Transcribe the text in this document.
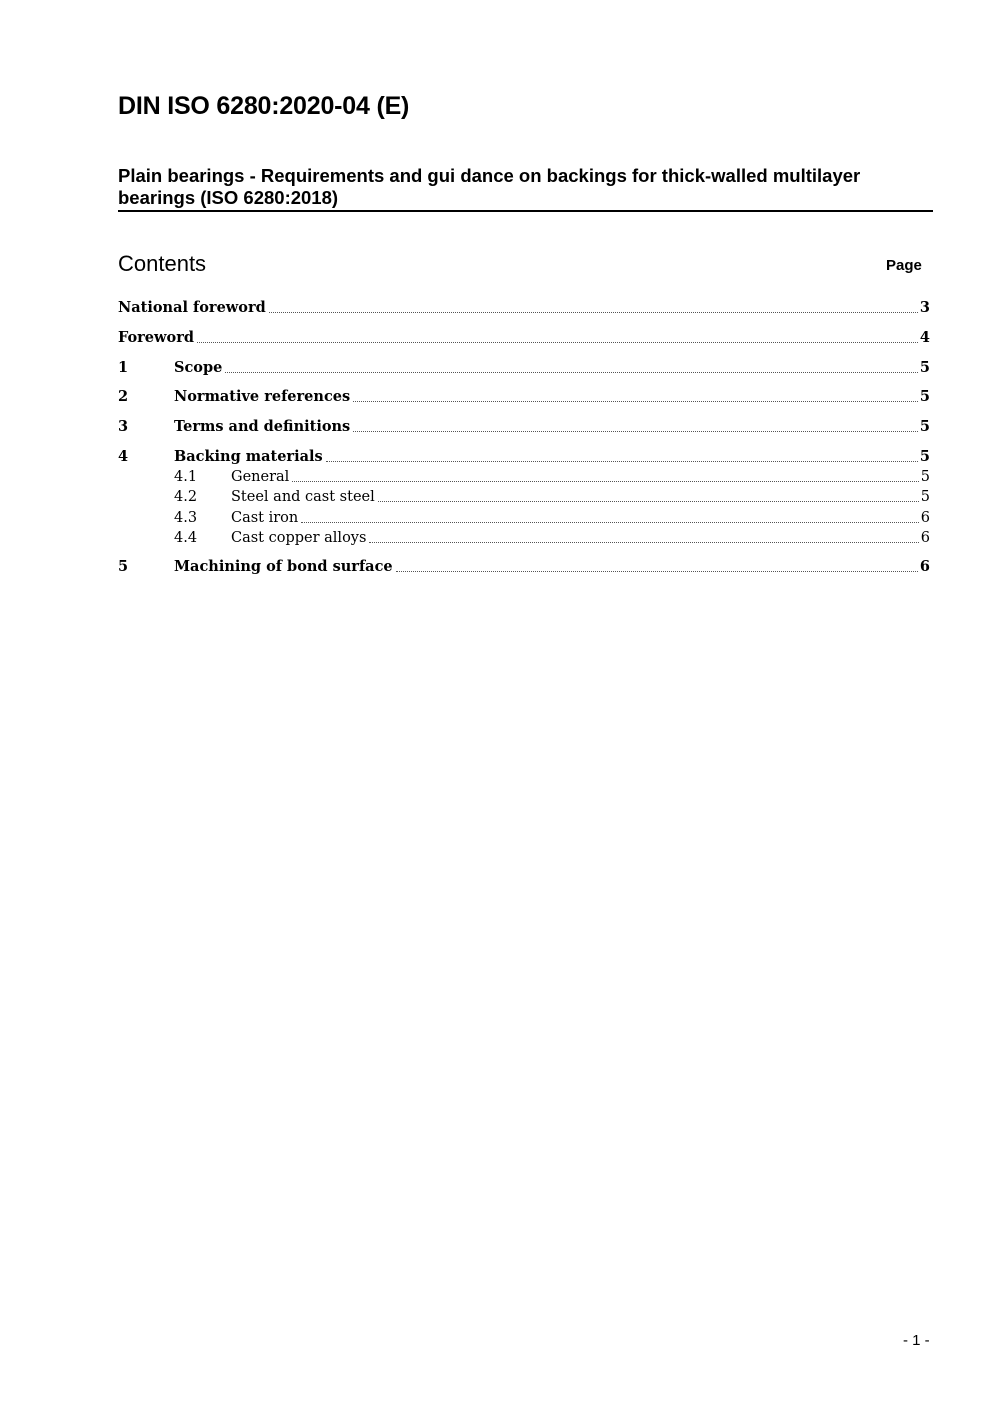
DIN ISO 6280:2020-04 (E)
Plain bearings - Requirements and gui dance on backings for thick-walled multilayer
bearings (ISO 6280:2018)
Contents	Page
National foreword	3
Foreword	4
1	Scope	5
2	Normative references	5
3	Terms and definitions	5
4	Backing materials	5
4.1	General	5
4.2	Steel and cast steel	5
4.3	Cast iron	6
4.4	Cast copper alloys	6
5	Machining of bond surface	6
- 1 -
